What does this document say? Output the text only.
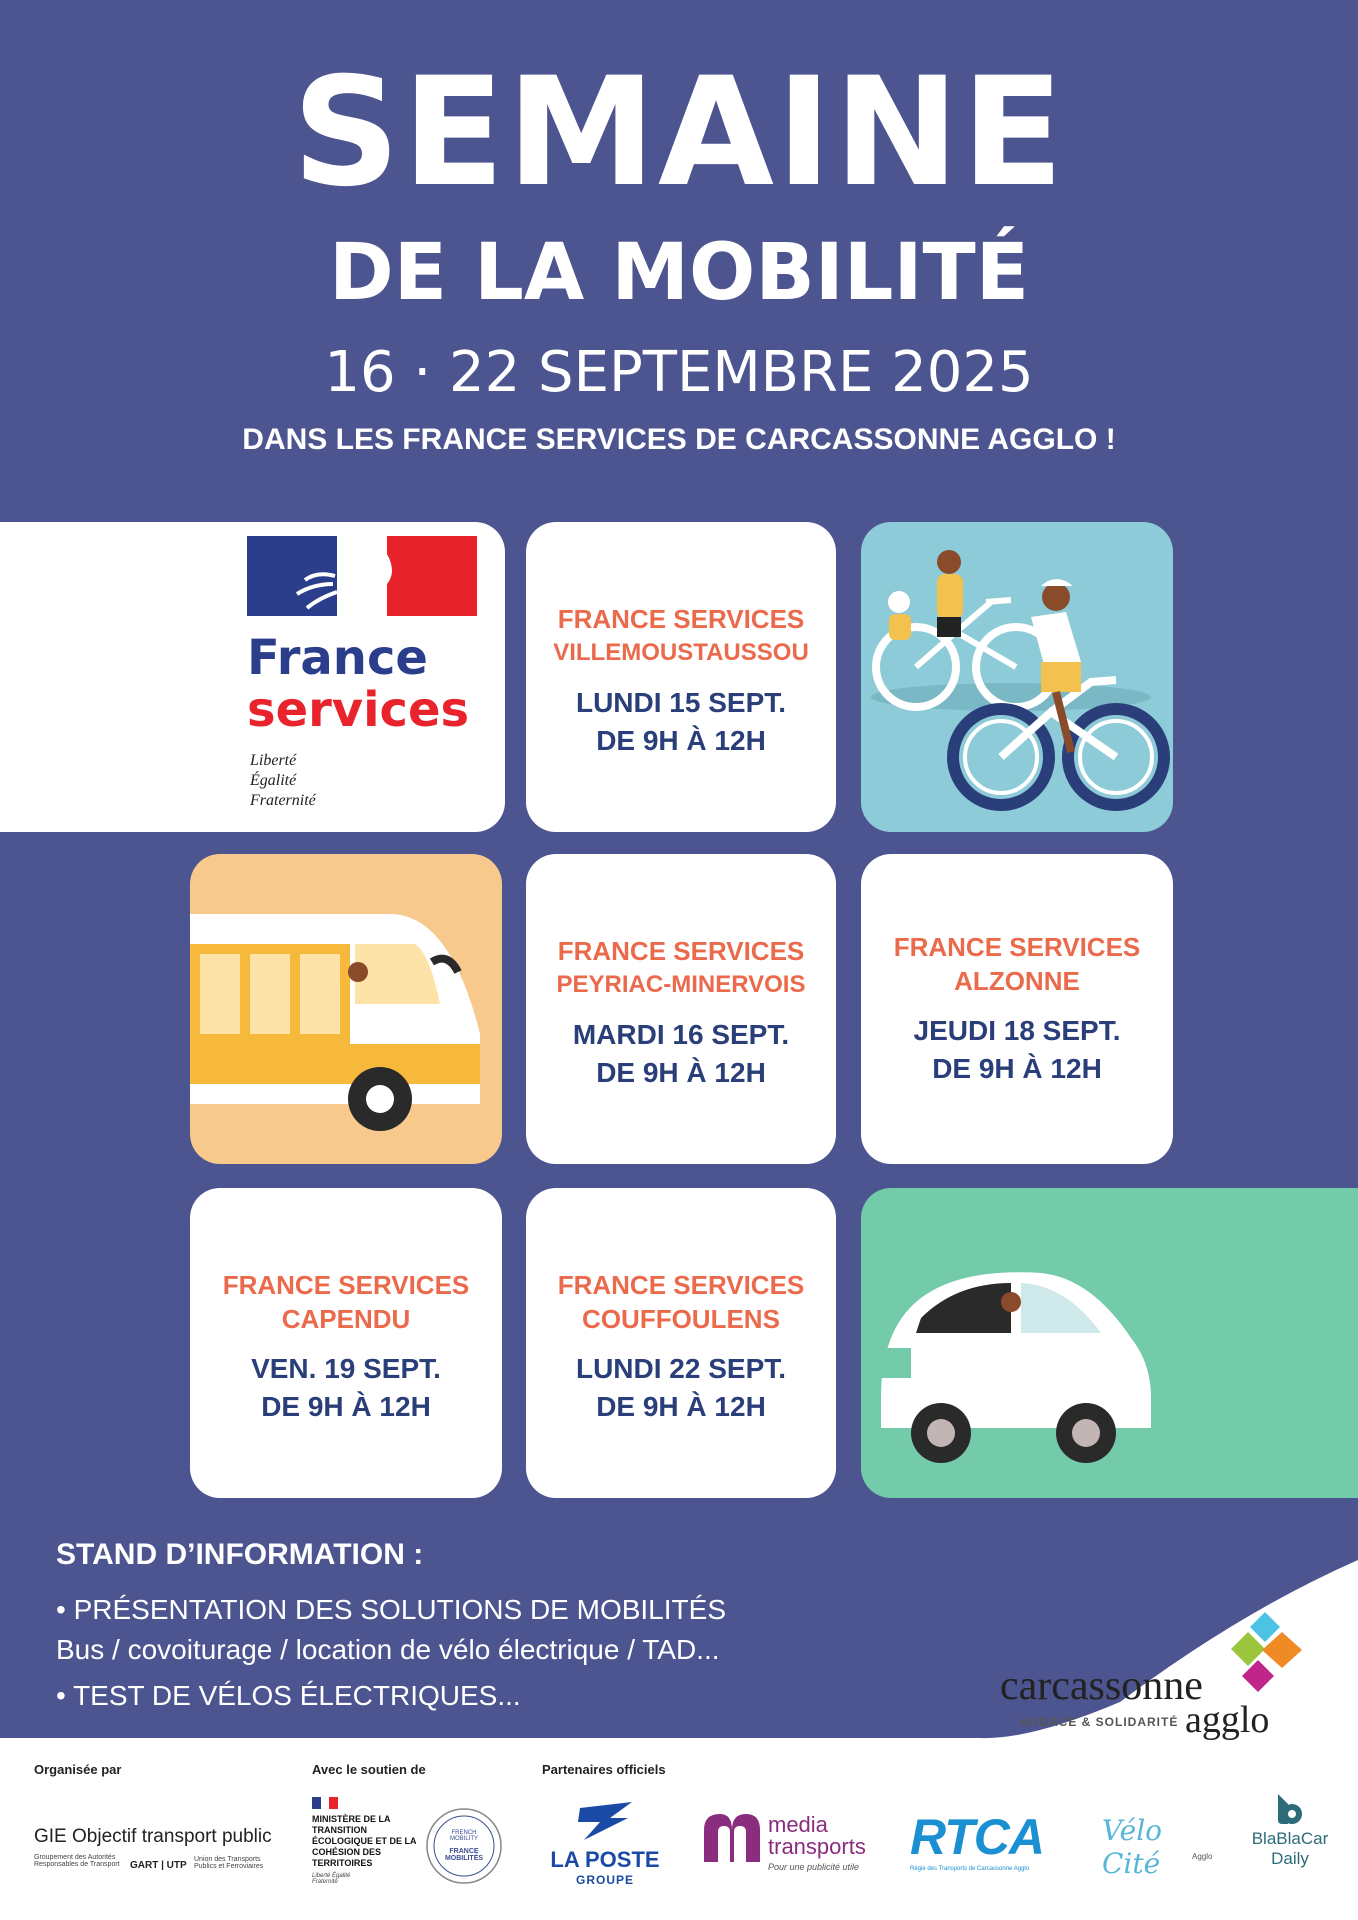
SEMAINE
DE LA MOBILITÉ
16 · 22 SEPTEMBRE 2025
DANS LES FRANCE SERVICES DE CARCASSONNE AGGLO !
France
services
Liberté
Égalité
Fraternité
FRANCE SERVICES
VILLEMOUSTAUSSOU
LUNDI 15 SEPT.
DE 9H À 12H
FRANCE SERVICES
PEYRIAC-MINERVOIS
MARDI 16 SEPT.
DE 9H À 12H
FRANCE SERVICES
ALZONNE
JEUDI 18 SEPT.
DE 9H À 12H
FRANCE SERVICES
CAPENDU
VEN. 19 SEPT.
DE 9H À 12H
FRANCE SERVICES
COUFFOULENS
LUNDI 22 SEPT.
DE 9H À 12H
STAND D’INFORMATION :
• PRÉSENTATION DES SOLUTIONS DE MOBILITÉS
Bus / covoiturage / location de vélo électrique / TAD...
• TEST DE VÉLOS ÉLECTRIQUES...	carcassonne
AUDACE & SOLIDARITÉ agglo
Organisée par	Avec le soutien de	Partenaires officiels
GIE Objectif transport public
Groupement des Autorités Responsables de Transport	GART | UTP
Union des Transports Publics et Ferroviaires
MINISTÈRE DE LA TRANSITION ÉCOLOGIQUE ET DE LA COHÉSION DES TERRITOIRES
Liberté Égalité Fraternité
FRENCH MOBILITY
FRANCE MOBILITÉS	LA POSTE
GROUPE
media
transports
Pour une publicité utile
RTCA
Régie des Transports de Carcassonne Agglo
Vélo Cité	Agglo
BlaBlaCar
Daily
